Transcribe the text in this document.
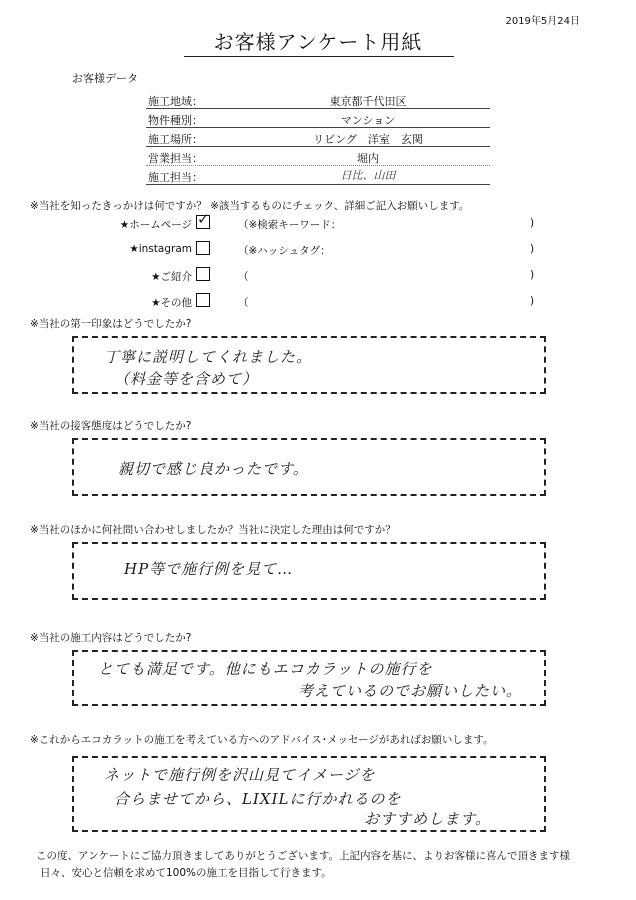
2019年5月24日
お客様アンケート用紙
お客様データ
施工地域：	東京都千代田区
物件種別：	マンション
施工場所：	リビング　洋室　玄関
営業担当：	堀内
施工担当：	日比、山田
※当社を知ったきっかけは何ですか？ ※該当するものにチェック、詳細ご記入お願いします。
★ホームページ ✓	（※検索キーワード：	)
★instagram	（※ハッシュタグ：	)
★ご紹介	（	)
★その他	（	)
※当社の第一印象はどうでしたか?
丁寧に説明してくれました。
（料金等を含めて）
※当社の接客態度はどうでしたか?
親切で感じ良かったです。
※当社のほかに何社問い合わせしましたか？当社に決定した理由は何ですか？
HP等で施行例を見て…
※当社の施工内容はどうでしたか?
とても満足です。他にもエコカラットの施行を
考えているのでお願いしたい。
※これからエコカラットの施工を考えている方へのアドバイス･メッセージがあればお願いします。
ネットで施行例を沢山見てイメージを
合らませてから、LIXILに行かれるのを
おすすめします。
この度、アンケートにご協力頂きましてありがとうございます。上記内容を基に、よりお客様に喜んで頂きます様
日々、安心と信頼を求めて100%の施工を目指して行きます。
